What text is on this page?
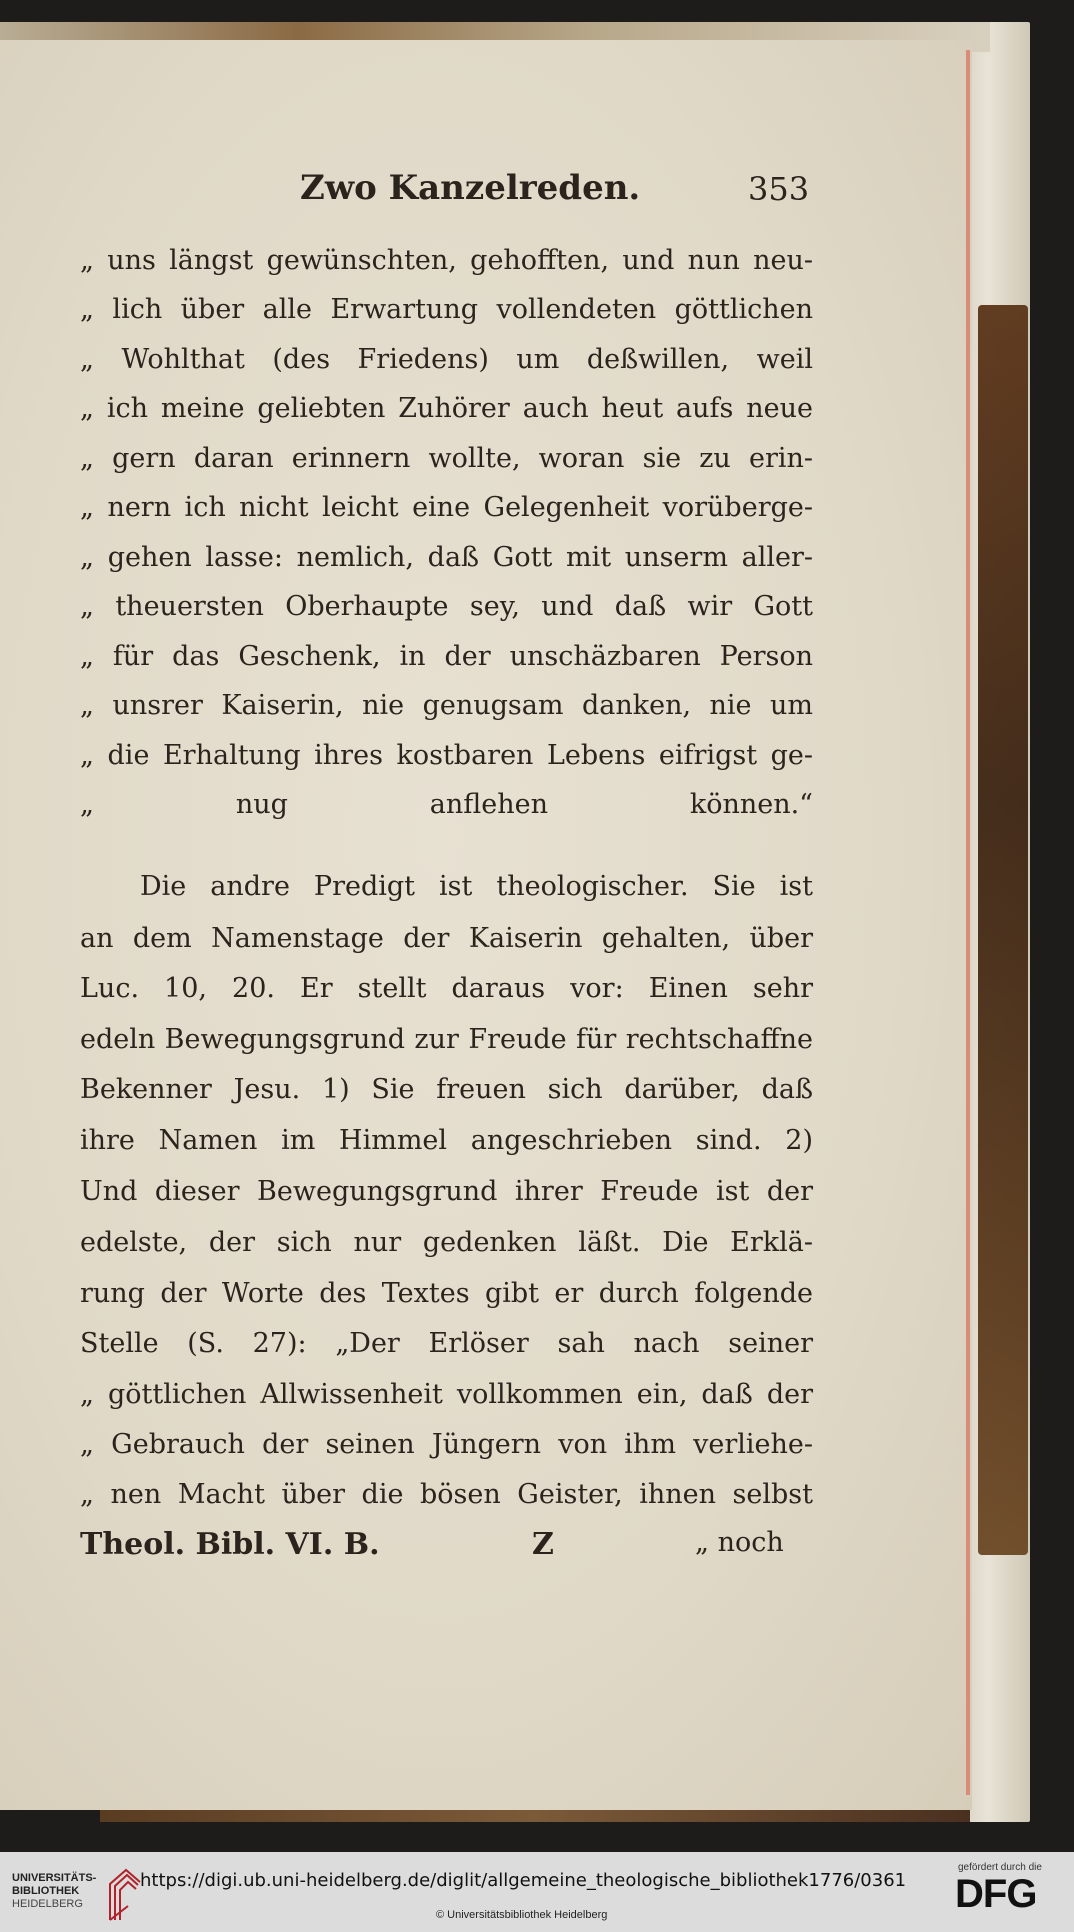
Zwo Kanzelreden.	353
„ uns längst gewünschten, gehofften, und nun neu-
„ lich über alle Erwartung vollendeten göttlichen
„ Wohlthat (des Friedens) um deßwillen, weil
„ ich meine geliebten Zuhörer auch heut aufs neue
„ gern daran erinnern wollte, woran sie zu erin-
„ nern ich nicht leicht eine Gelegenheit vorüberge-
„ gehen lasse: nemlich, daß Gott mit unserm aller-
„ theuersten Oberhaupte sey, und daß wir Gott
„ für das Geschenk, in der unschäzbaren Person
„ unsrer Kaiserin, nie genugsam danken, nie um
„ die Erhaltung ihres kostbaren Lebens eifrigst ge-
„ nug anflehen können.“
Die andre Predigt ist theologischer. Sie ist
an dem Namenstage der Kaiserin gehalten, über
Luc. 10, 20. Er stellt daraus vor: Einen sehr
edeln Bewegungsgrund zur Freude für rechtschaffne
Bekenner Jesu. 1) Sie freuen sich darüber, daß
ihre Namen im Himmel angeschrieben sind. 2)
Und dieser Bewegungsgrund ihrer Freude ist der
edelste, der sich nur gedenken läßt. Die Erklä-
rung der Worte des Textes gibt er durch folgende
Stelle (S. 27): „Der Erlöser sah nach seiner
„ göttlichen Allwissenheit vollkommen ein, daß der
„ Gebrauch der seinen Jüngern von ihm verliehe-
„ nen Macht über die bösen Geister, ihnen selbst
Theol. Bibl. VI. B.	Z	„ noch
UNIVERSITÄTS-
BIBLIOTHEK
HEIDELBERG
https://digi.ub.uni-heidelberg.de/diglit/allgemeine_theologische_bibliothek1776/0361
© Universitätsbibliothek Heidelberg
gefördert durch die
DFG
